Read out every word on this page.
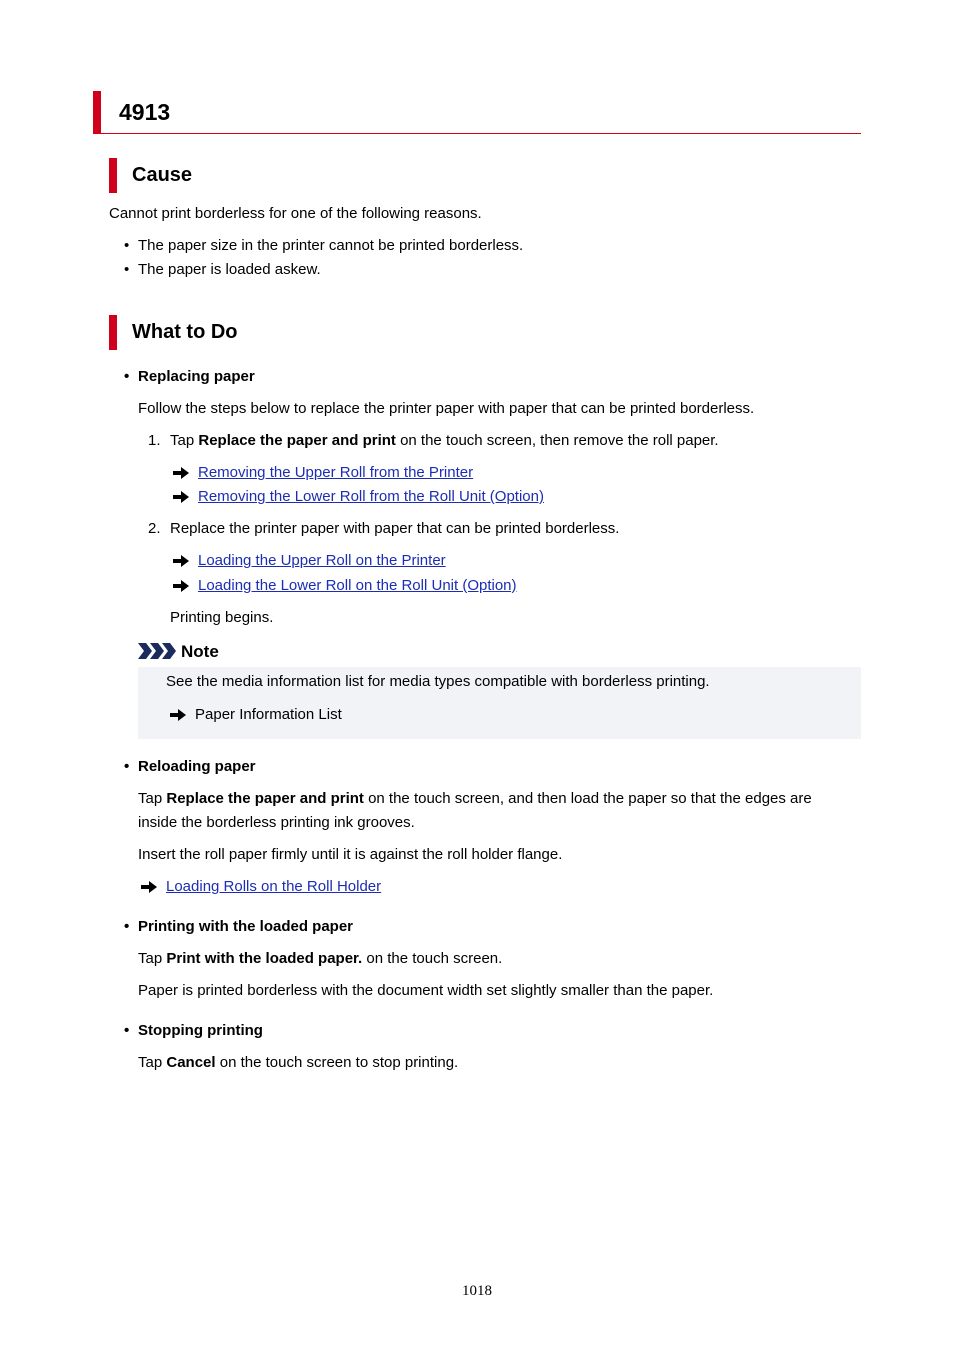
4913
Cause
Cannot print borderless for one of the following reasons.
• The paper size in the printer cannot be printed borderless.
• The paper is loaded askew.
What to Do
• Replacing paper
Follow the steps below to replace the printer paper with paper that can be printed borderless.
1. Tap Replace the paper and print on the touch screen, then remove the roll paper.
Removing the Upper Roll from the Printer
Removing the Lower Roll from the Roll Unit (Option)
2. Replace the printer paper with paper that can be printed borderless.
Loading the Upper Roll on the Printer
Loading the Lower Roll on the Roll Unit (Option)
Printing begins.
Note
See the media information list for media types compatible with borderless printing.
Paper Information List
• Reloading paper
Tap Replace the paper and print on the touch screen, and then load the paper so that the edges are
inside the borderless printing ink grooves.
Insert the roll paper firmly until it is against the roll holder flange.
Loading Rolls on the Roll Holder
• Printing with the loaded paper
Tap Print with the loaded paper. on the touch screen.
Paper is printed borderless with the document width set slightly smaller than the paper.
• Stopping printing
Tap Cancel on the touch screen to stop printing.
1018
